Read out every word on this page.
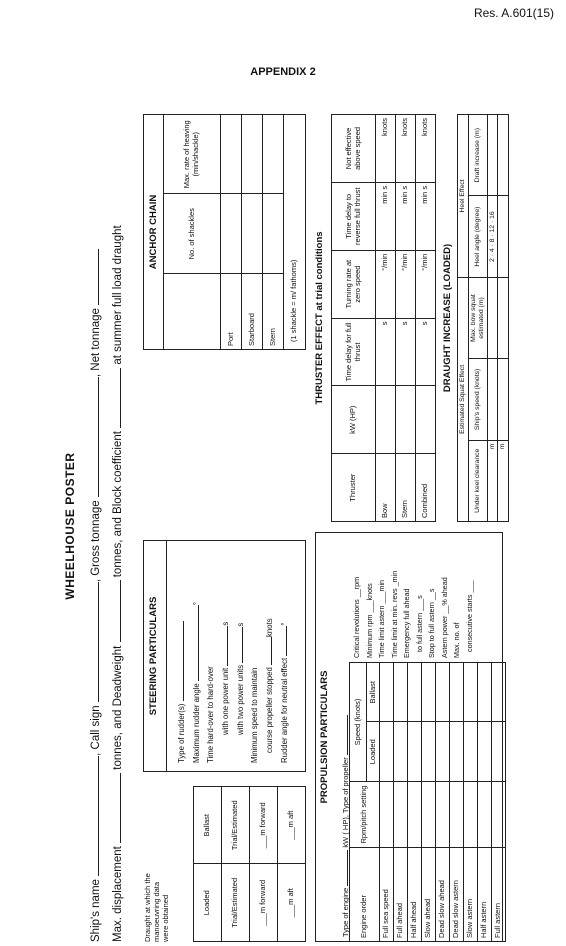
Res. A.601(15)
APPENDIX 2
WHEELHOUSE POSTER
Ship's name , Call sign , Gross tonnage , Net tonnage
Max. displacement  tonnes, and Deadweight  tonnes, and Block coefficient  at summer full load draught
Draught at which the manoeuvring data were obtained	Loaded	Ballast
Trial/Estimated	Trial/Estimated
___m forward	___m forward
___m aft	___m aft
STEERING PARTICULARS
Type of rudder(s) Maximum rudder angle °
Time hard-over to hard-over with one power unit s
with two power units s
Minimum speed to maintain course propeller stopped knots
Rudder angle for neutral effect °
ANCHOR CHAIN
		No. of shackles	Max. rate of heaving (min/shackle)
Port		
Starboard		
Stern		(1 shackle = m/ fathoms)
PROPULSION PARTICULARS
Type of engine  kW ( HP), Type of propeller
Engine order	Rpm/pitch setting	Speed (knots)	
		Loaded	Ballast
Full sea speed			
Full ahead			
Half ahead			
Slow ahead			
Dead slow ahead			
Dead slow astern			
Slow astern			
Half astern			
Full astern			
Critical revolutions __rpm
Minimum rpm ___knots
Time limit astern ___min
Time limit at min. revs _min
Emergency full ahead to full astern ___s
Stop to full astern __s
Astern power __% ahead
Max. no. of consecutive starts ___
THRUSTER EFFECT at trial conditions
Thruster	kW (HP)	Time delay for full thrust	Turning rate at zero speed	Time delay to reverse full thrust	Not effective above speed
Bow		s	°/min	min s	knots
Stern		s	°/min	min s	knots
Combined		s	°/min	min s	knots
DRAUGHT INCREASE (LOADED)
Estimated Squat Effect			Heel Effect	
Under keel clearance	Ship's speed (knots)	Max. bow squat estimated (m)	Heel angle (degree)	Draft increase (m)
m			2 · 4 · 8 · 12 · 16	
m				
